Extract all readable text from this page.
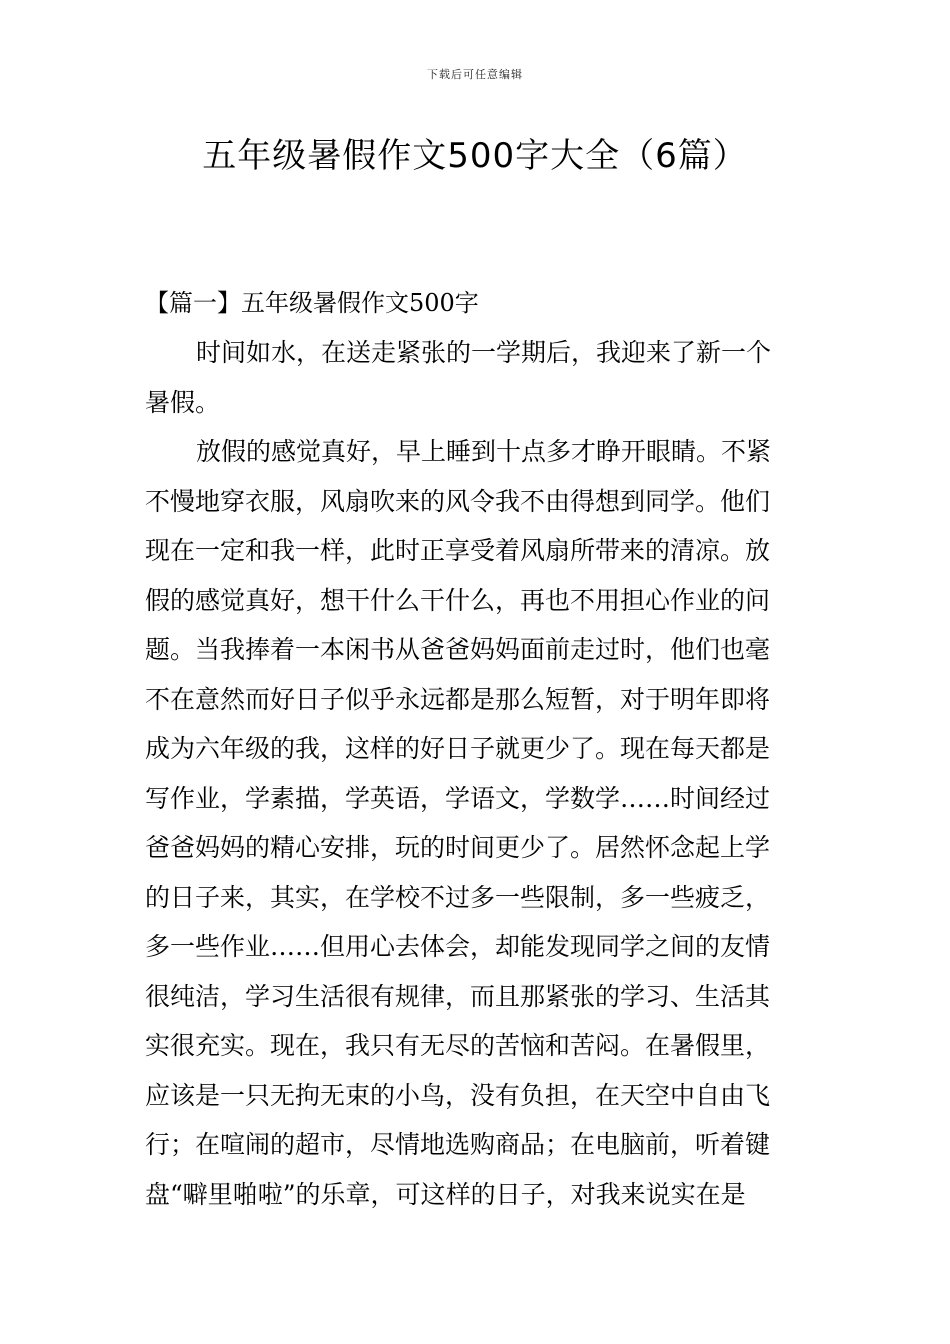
下载后可任意编辑
五年级暑假作文500字大全（6篇）

【篇一】五年级暑假作文500字

时间如水，在送走紧张的一学期后，我迎来了新一个
暑假。
放假的感觉真好，早上睡到十点多才睁开眼睛。不紧
不慢地穿衣服，风扇吹来的风令我不由得想到同学。他们
现在一定和我一样，此时正享受着风扇所带来的清凉。放
假的感觉真好，想干什么干什么，再也不用担心作业的问
题。当我捧着一本闲书从爸爸妈妈面前走过时，他们也毫
不在意然而好日子似乎永远都是那么短暂，对于明年即将
成为六年级的我，这样的好日子就更少了。现在每天都是
写作业，学素描，学英语，学语文，学数学……时间经过
爸爸妈妈的精心安排，玩的时间更少了。居然怀念起上学
的日子来，其实，在学校不过多一些限制，多一些疲乏，
多一些作业……但用心去体会，却能发现同学之间的友情
很纯洁，学习生活很有规律，而且那紧张的学习、生活其
实很充实。现在，我只有无尽的苦恼和苦闷。在暑假里，
应该是一只无拘无束的小鸟，没有负担，在天空中自由飞
行；在喧闹的超市，尽情地选购商品；在电脑前，听着键
盘“噼里啪啦”的乐章，可这样的日子，对我来说实在是
